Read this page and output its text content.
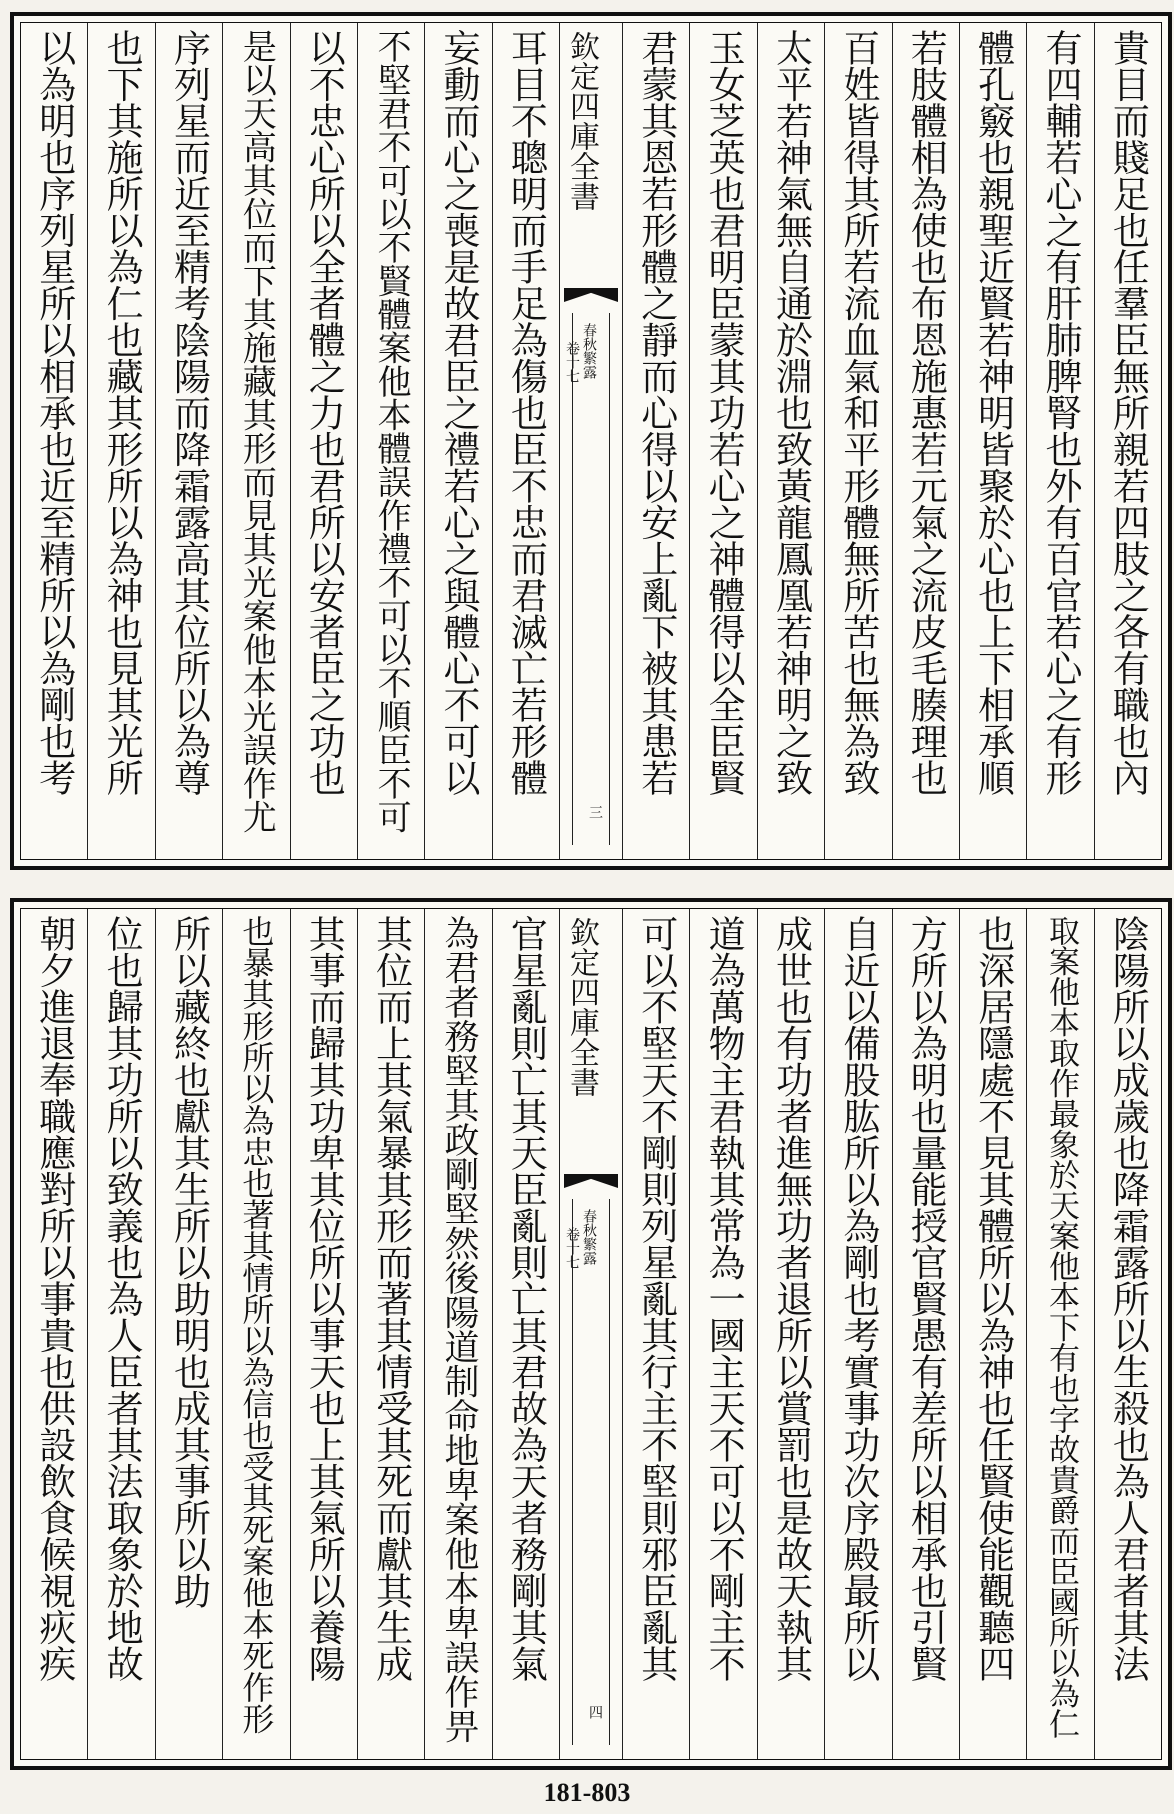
貴目而賤足也任羣臣無所親若四肢之各有職也內
有四輔若心之有肝肺脾腎也外有百官若心之有形
體孔竅也親聖近賢若神明皆聚於心也上下相承順
若肢體相為使也布恩施惠若元氣之流皮毛腠理也
百姓皆得其所若流血氣和平形體無所苦也無為致
太平若神氣無自通於淵也致黃龍鳳凰若神明之致
玉女芝英也君明臣蒙其功若心之神體得以全臣賢
君蒙其恩若形體之靜而心得以安上亂下被其患若
欽定四庫全書
春秋繁露
卷十七
三
耳目不聰明而手足為傷也臣不忠而君滅亡若形體
妄動而心之喪是故君臣之禮若心之與體心不可以
不堅君不可以不賢體案他本體誤作禮不可以不順臣不可
以不忠心所以全者體之力也君所以安者臣之功也
是以天高其位而下其施藏其形而見其光案他本光誤作尤
序列星而近至精考陰陽而降霜露高其位所以為尊
也下其施所以為仁也藏其形所以為神也見其光所
以為明也序列星所以相承也近至精所以為剛也考
陰陽所以成歲也降霜露所以生殺也為人君者其法
取案他本取作最象於天案他本下有也字故貴爵而臣國所以為仁
也深居隱處不見其體所以為神也任賢使能觀聽四
方所以為明也量能授官賢愚有差所以相承也引賢
自近以備股肱所以為剛也考實事功次序殿最所以
成世也有功者進無功者退所以賞罰也是故天執其
道為萬物主君執其常為一國主天不可以不剛主不
可以不堅天不剛則列星亂其行主不堅則邪臣亂其
欽定四庫全書
春秋繁露
卷十七
四
官星亂則亡其天臣亂則亡其君故為天者務剛其氣
為君者務堅其政剛堅然後陽道制命地卑案他本卑誤作畀
其位而上其氣暴其形而著其情受其死而獻其生成
其事而歸其功卑其位所以事天也上其氣所以養陽
也暴其形所以為忠也著其情所以為信也受其死案他本死作形
所以藏終也獻其生所以助明也成其事所以助
位也歸其功所以致義也為人臣者其法取象於地故
朝夕進退奉職應對所以事貴也供設飲食候視疢疾
181-803
